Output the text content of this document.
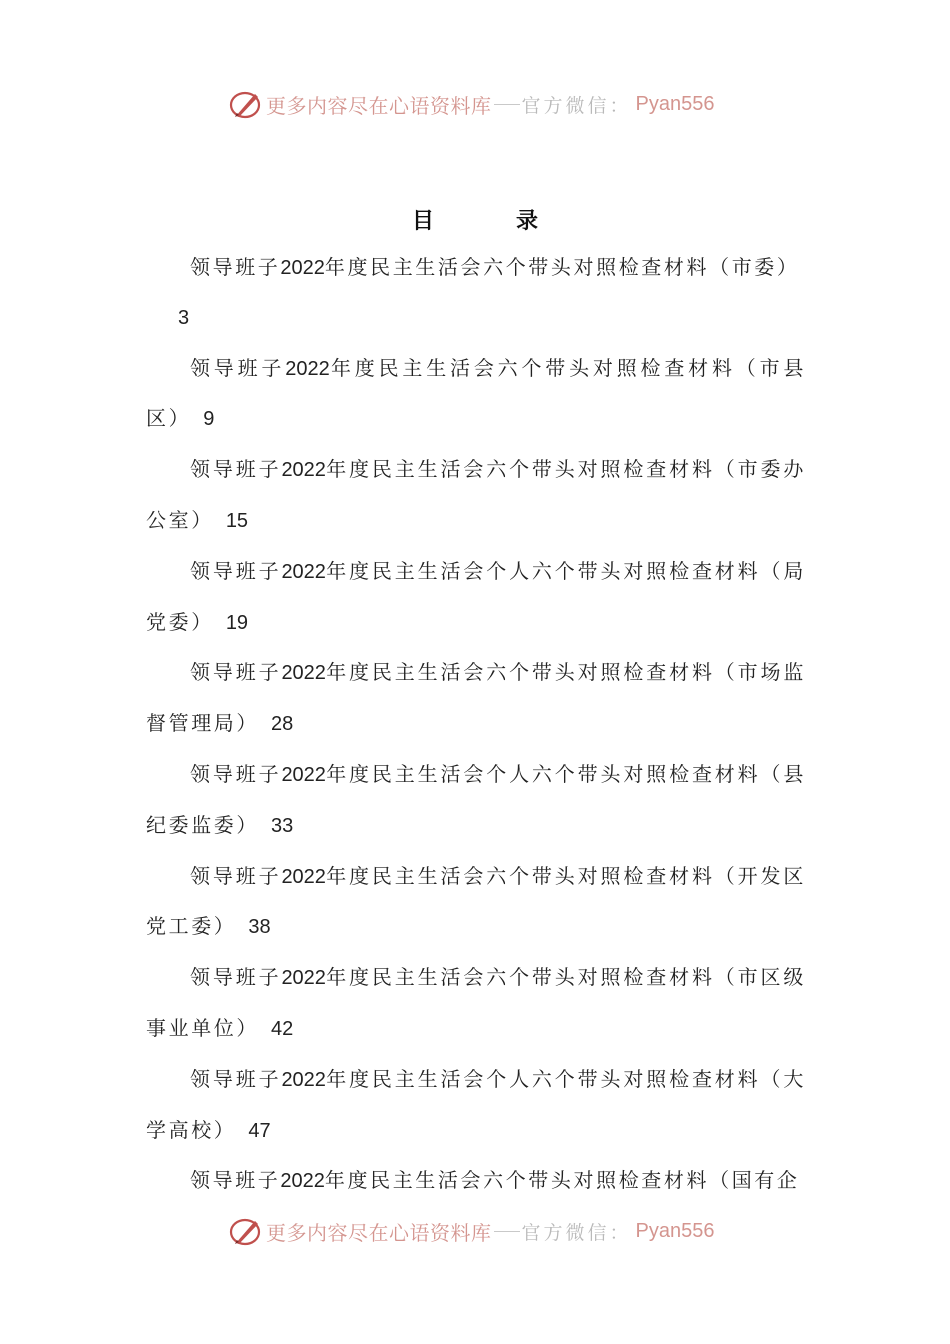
更多内容尽在心语资料库 官方微信： Pyan556
目　录
领导班子2022年度民主生活会六个带头对照检查材料（市委）
3
领导班子2022年度民主生活会六个带头对照检查材料（市县区） 9
领导班子2022年度民主生活会六个带头对照检查材料（市委办公室） 15
领导班子2022年度民主生活会个人六个带头对照检查材料（局党委） 19
领导班子2022年度民主生活会六个带头对照检查材料（市场监督管理局） 28
领导班子2022年度民主生活会个人六个带头对照检查材料（县纪委监委） 33
领导班子2022年度民主生活会六个带头对照检查材料（开发区党工委） 38
领导班子2022年度民主生活会六个带头对照检查材料（市区级事业单位） 42
领导班子2022年度民主生活会个人六个带头对照检查材料（大学高校） 47
领导班子2022年度民主生活会六个带头对照检查材料（国有企
更多内容尽在心语资料库 官方微信： Pyan556
